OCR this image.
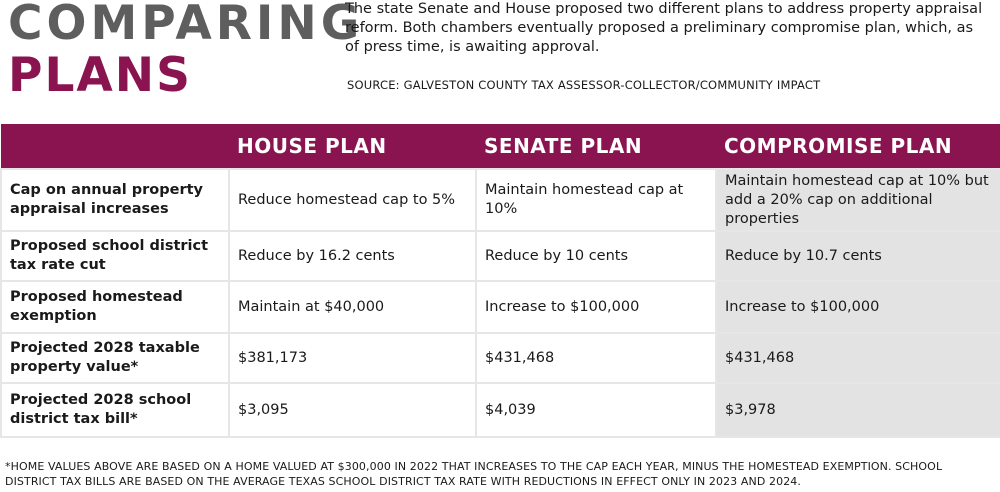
COMPARING
PLANS
The state Senate and House proposed two different plans to address property appraisal reform. Both chambers eventually proposed a preliminary compromise plan, which, as of press time, is awaiting approval.
SOURCE: GALVESTON COUNTY TAX ASSESSOR-COLLECTOR/COMMUNITY IMPACT
	HOUSE PLAN	SENATE PLAN	COMPROMISE PLAN
Cap on annual property appraisal increases	Reduce homestead cap to 5%	Maintain homestead cap at 10%	Maintain homestead cap at 10% but add a 20% cap on additional properties
Proposed school district tax rate cut	Reduce by 16.2 cents	Reduce by 10 cents	Reduce by 10.7 cents
Proposed homestead exemption	Maintain at $40,000	Increase to $100,000	Increase to $100,000
Projected 2028 taxable property value*	$381,173	$431,468	$431,468
Projected 2028 school district tax bill*	$3,095	$4,039	$3,978
*HOME VALUES ABOVE ARE BASED ON A HOME VALUED AT $300,000 IN 2022 THAT INCREASES TO THE CAP EACH YEAR, MINUS THE HOMESTEAD EXEMPTION. SCHOOL DISTRICT TAX BILLS ARE BASED ON THE AVERAGE TEXAS SCHOOL DISTRICT TAX RATE WITH REDUCTIONS IN EFFECT ONLY IN 2023 AND 2024.
